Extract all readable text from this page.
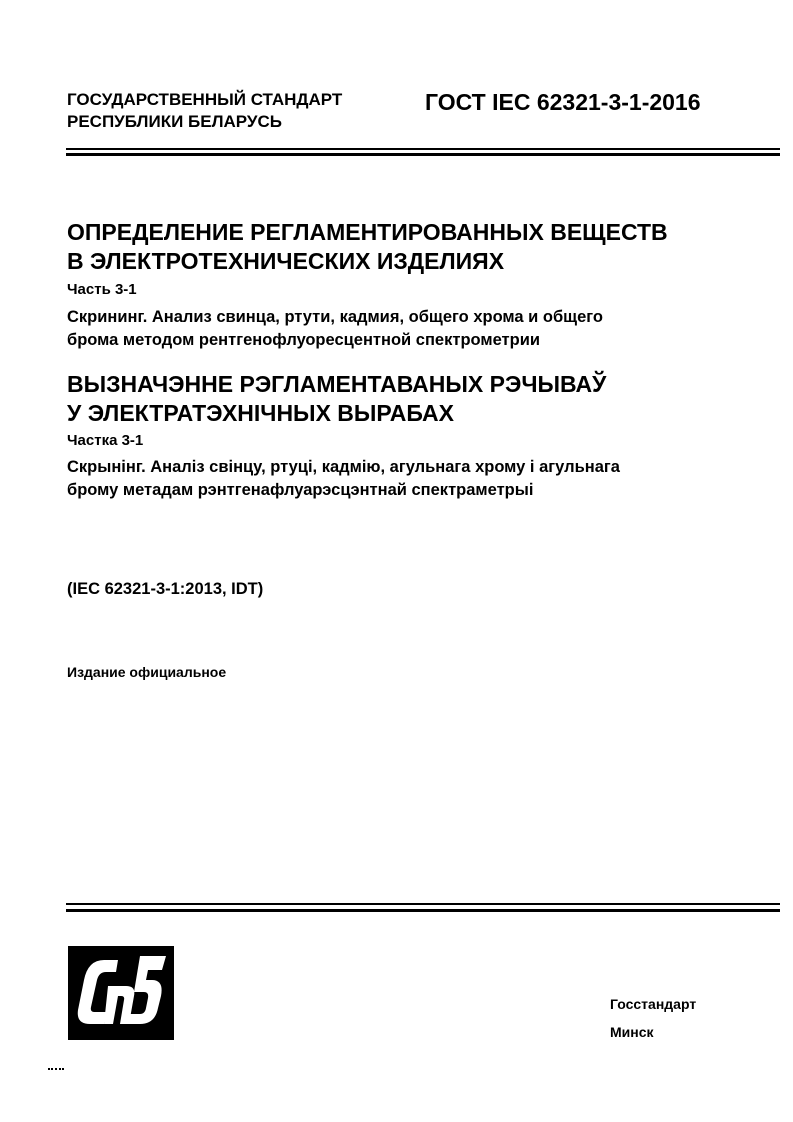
ГОСУДАРСТВЕННЫЙ СТАНДАРТ
РЕСПУБЛИКИ БЕЛАРУСЬ
ГОСТ IEC 62321-3-1-2016
ОПРЕДЕЛЕНИЕ РЕГЛАМЕНТИРОВАННЫХ ВЕЩЕСТВ
В ЭЛЕКТРОТЕХНИЧЕСКИХ ИЗДЕЛИЯХ
Часть 3-1
Скрининг. Анализ свинца, ртути, кадмия, общего хрома и общего
брома методом рентгенофлуоресцентной спектрометрии
ВЫЗНАЧЭННЕ РЭГЛАМЕНТАВАНЫХ РЭЧЫВАЎ
У ЭЛЕКТРАТЭХНІЧНЫХ ВЫРАБАХ
Частка 3-1
Скрынінг. Аналіз свінцу, ртуці, кадмію, агульнага хрому і агульнага
брому метадам рэнтгенафлуарэсцэнтнай спектраметрыі
(IEC 62321-3-1:2013, IDT)
Издание официальное
Госстандарт
Минск
